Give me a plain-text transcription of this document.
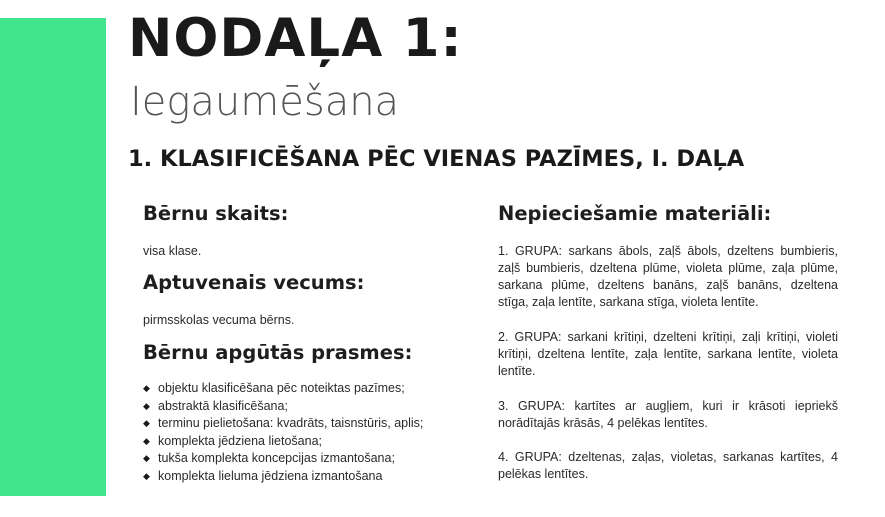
NODAĻA 1:
Iegaumēšana
1. KLASIFICĒŠANA PĒC VIENAS PAZĪMES, I. DAĻA
Bērnu skaits:

visa klase.

Aptuvenais vecums:

pirmsskolas vecuma bērns.

Bērnu apgūtās prasmes:
◆ objektu klasificēšana pēc noteiktas pazīmes;
◆ abstraktā klasificēšana;
◆ terminu pielietošana: kvadrāts, taisnstūris, aplis;
◆ komplekta jēdziena lietošana;
◆ tukša komplekta koncepcijas izmantošana;
◆ komplekta lieluma jēdziena izmantošana
Nepieciešamie materiāli:

1. GRUPA: sarkans ābols, zaļš ābols, dzeltens bumbieris, zaļš bumbieris, dzeltena plūme, violeta plūme, zaļa plūme, sarkana plūme, dzeltens banāns, zaļš banāns, dzeltena stīga, zaļa lentīte, sarkana stīga, violeta lentīte.

2. GRUPA: sarkani krītiņi, dzelteni krītiņi, zaļi krītiņi, violeti krītiņi, dzeltena lentīte, zaļa lentīte, sarkana lentīte, violeta lentīte.

3. GRUPA: kartītes ar augļiem, kuri ir krāsoti iepriekš norādītajās krāsās, 4 pelēkas lentītes.

4. GRUPA: dzeltenas, zaļas, violetas, sarkanas kartītes, 4 pelēkas lentītes.
